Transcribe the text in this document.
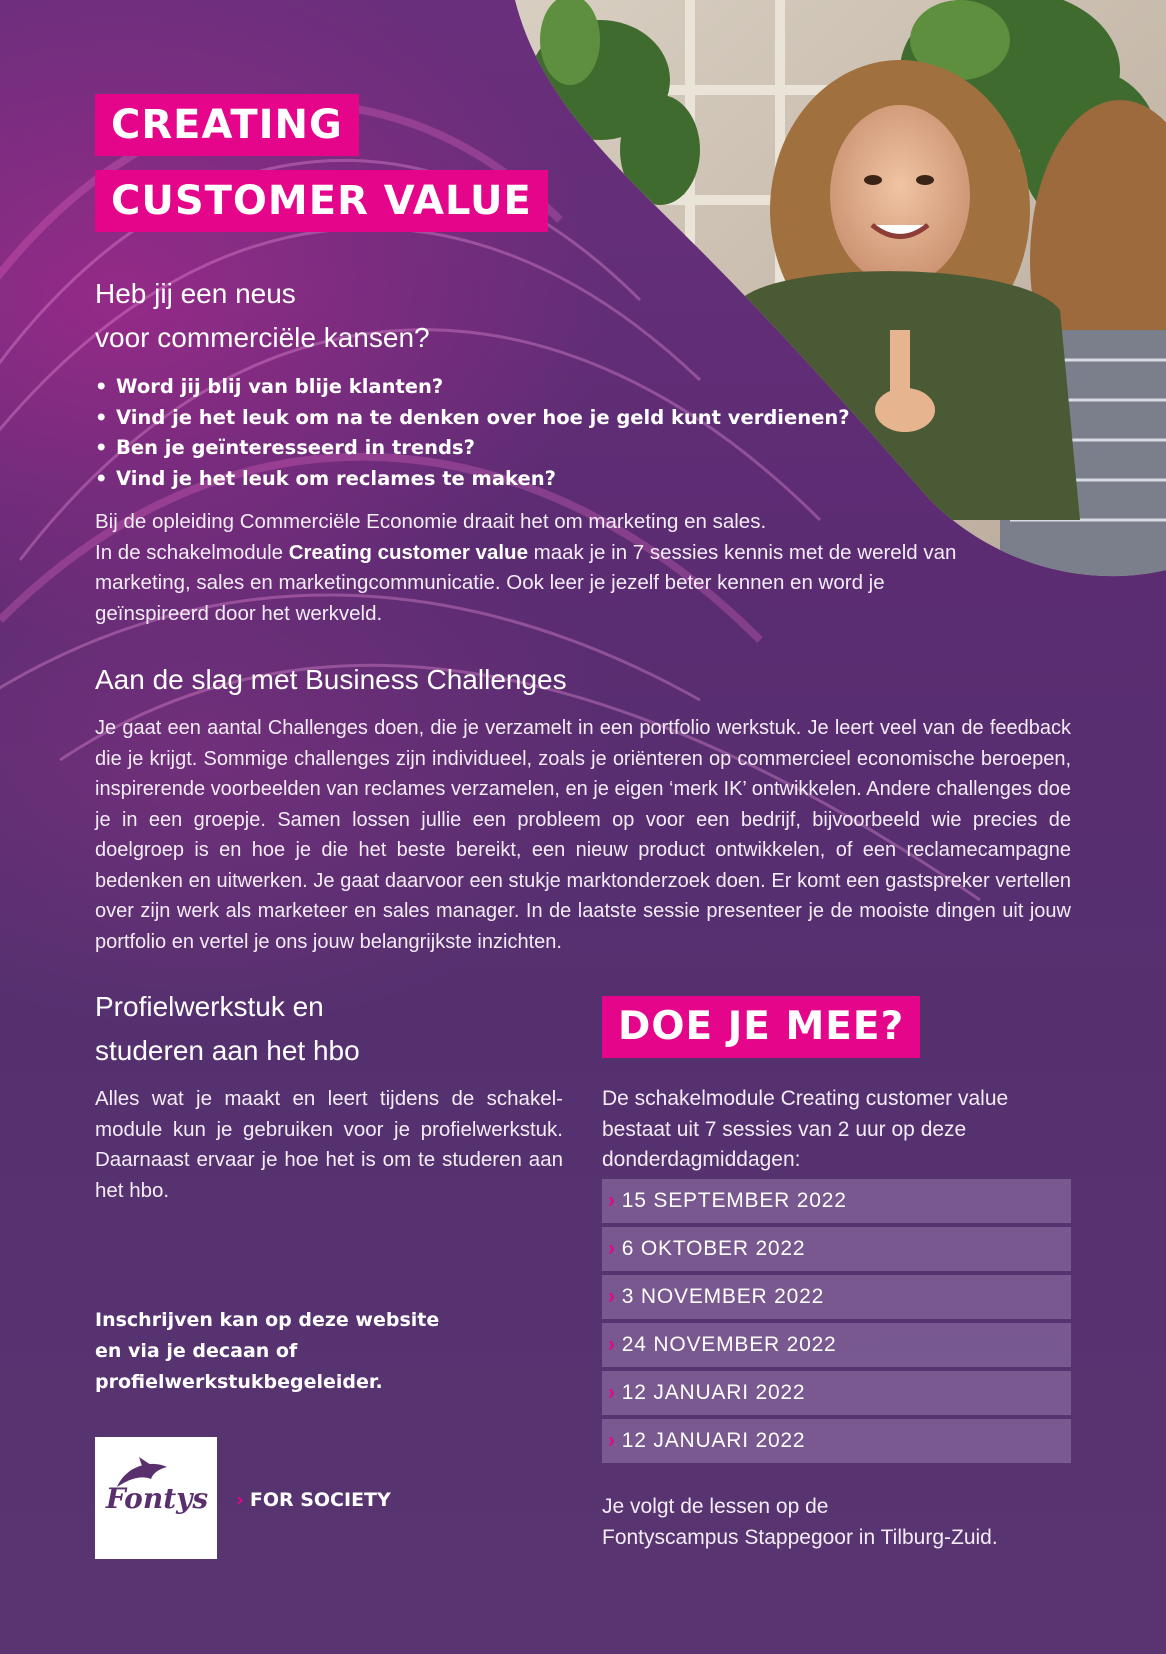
CREATING
CUSTOMER VALUE
Heb jij een neus
voor commerciële kansen?
• Word jij blij van blije klanten?
• Vind je het leuk om na te denken over hoe je geld kunt verdienen?
• Ben je geïnteresseerd in trends?
• Vind je het leuk om reclames te maken?
Bij de opleiding Commerciële Economie draait het om marketing en sales.
In de schakelmodule Creating customer value maak je in 7 sessies kennis met de wereld van marketing, sales en marketingcommunicatie. Ook leer je jezelf beter kennen en word je geïnspireerd door het werkveld.
Aan de slag met Business Challenges
Je gaat een aantal Challenges doen, die je verzamelt in een portfolio werkstuk. Je leert veel van de feedback die je krijgt. Sommige challenges zijn individueel, zoals je oriënteren op commercieel economische beroepen, inspirerende voorbeelden van reclames verzamelen, en je eigen ‘merk IK’ ontwikkelen. Andere challenges doe je in een groepje. Samen lossen jullie een probleem op voor een bedrijf, bijvoorbeeld wie precies de doelgroep is en hoe je die het beste bereikt, een nieuw product ontwikkelen, of een reclamecampagne bedenken en uitwerken. Je gaat daarvoor een stukje marktonderzoek doen. Er komt een gastspreker vertellen over zijn werk als marketeer en sales manager. In de laatste sessie presenteer je de mooiste dingen uit jouw portfolio en vertel je ons jouw belangrijkste inzichten.
Profielwerkstuk en
studeren aan het hbo
Alles wat je maakt en leert tijdens de schakel-module kun je gebruiken voor je profielwerkstuk. Daarnaast ervaar je hoe het is om te studeren aan het hbo.
Inschrijven kan op deze website en via je decaan of profielwerkstukbegeleider.
Fontys › FOR SOCIETY
DOE JE MEE?
De schakelmodule Creating customer value bestaat uit 7 sessies van 2 uur op deze donderdagmiddagen:
› 15 SEPTEMBER 2022
› 6 OKTOBER 2022
› 3 NOVEMBER 2022
› 24 NOVEMBER 2022
› 12 JANUARI 2022
› 12 JANUARI 2022
Je volgt de lessen op de
Fontyscampus Stappegoor in Tilburg-Zuid.
